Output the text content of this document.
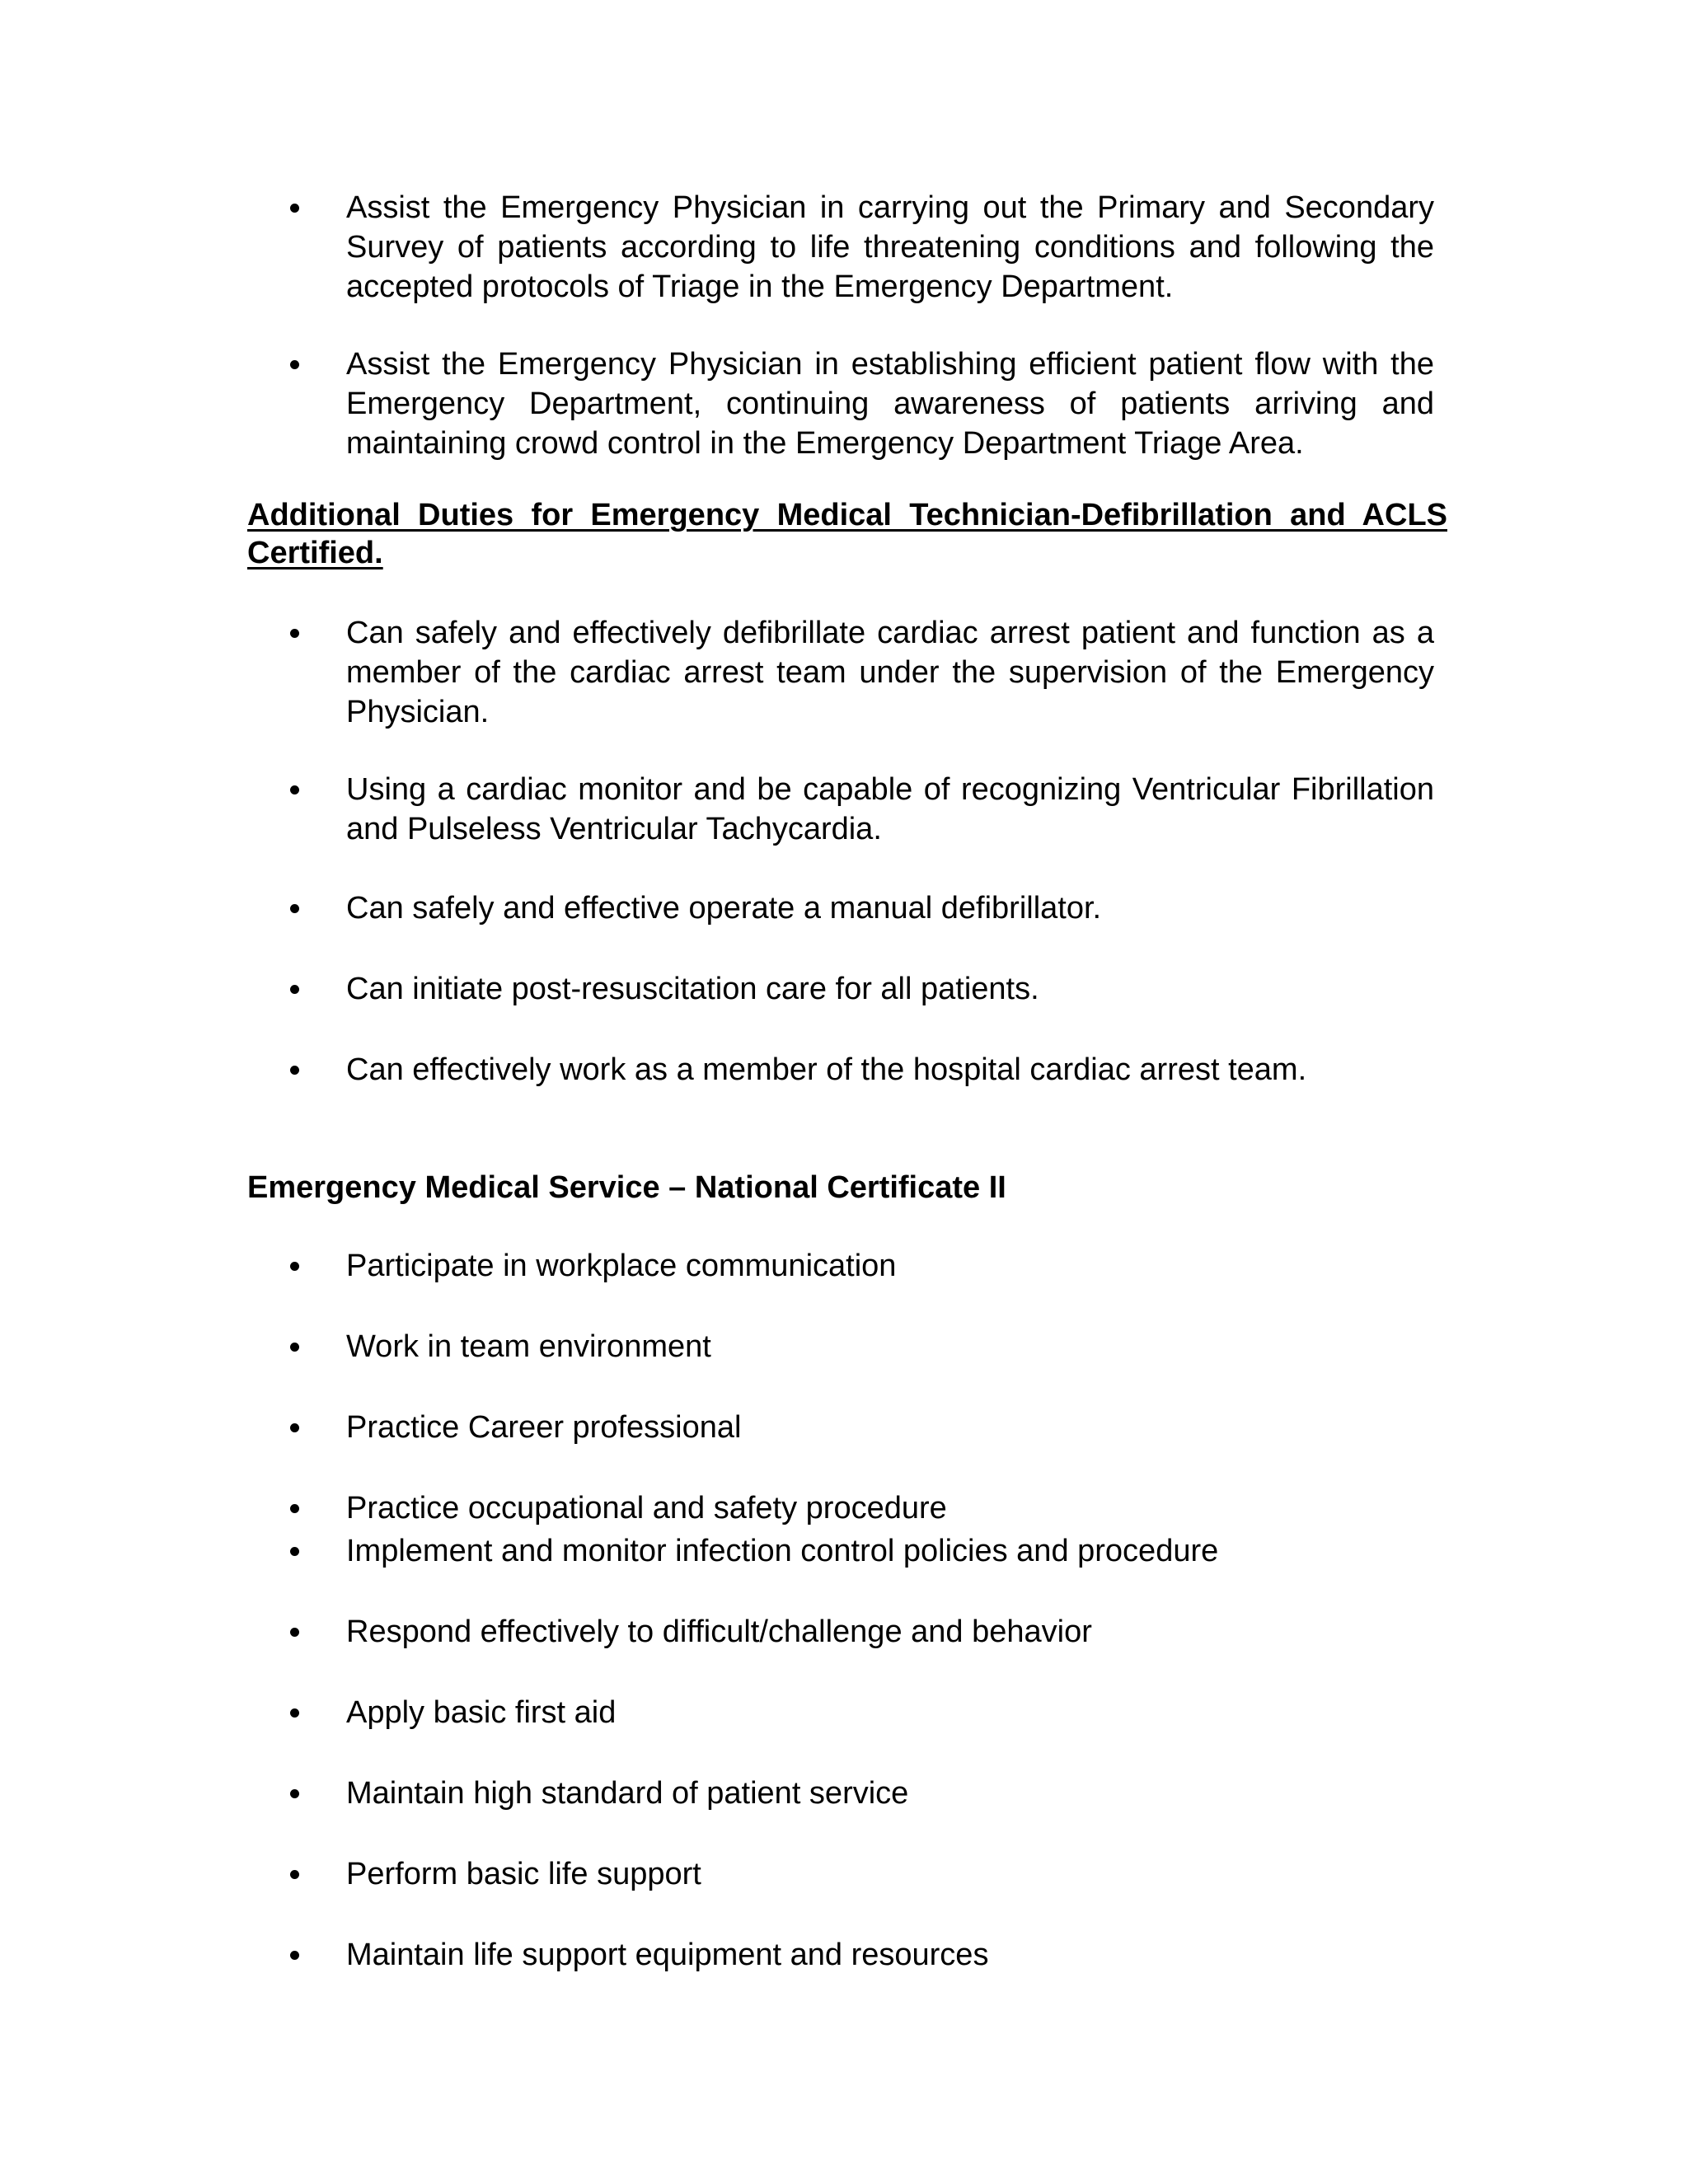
Assist the Emergency Physician in carrying out the Primary and Secondary Survey of patients according to life threatening conditions and following the accepted protocols of Triage in the Emergency Department.
Assist the Emergency Physician in establishing efficient patient flow with the Emergency Department, continuing awareness of patients arriving and maintaining crowd control in the Emergency Department Triage Area.
Additional Duties for Emergency Medical Technician-Defibrillation and ACLS Certified.
Can safely and effectively defibrillate cardiac arrest patient and function as a member of the cardiac arrest team under the supervision of the Emergency Physician.
Using a cardiac monitor and be capable of recognizing Ventricular Fibrillation and Pulseless Ventricular Tachycardia.
Can safely and effective operate a manual defibrillator.
Can initiate post-resuscitation care for all patients.
Can effectively work as a member of the hospital cardiac arrest team.
Emergency Medical Service – National Certificate II
Participate in workplace communication
Work in team environment
Practice Career professional
Practice occupational and safety procedure
Implement and monitor infection control policies and procedure
Respond effectively to difficult/challenge and behavior
Apply basic first aid
Maintain high standard of patient service
Perform basic life support
Maintain life support equipment and resources
